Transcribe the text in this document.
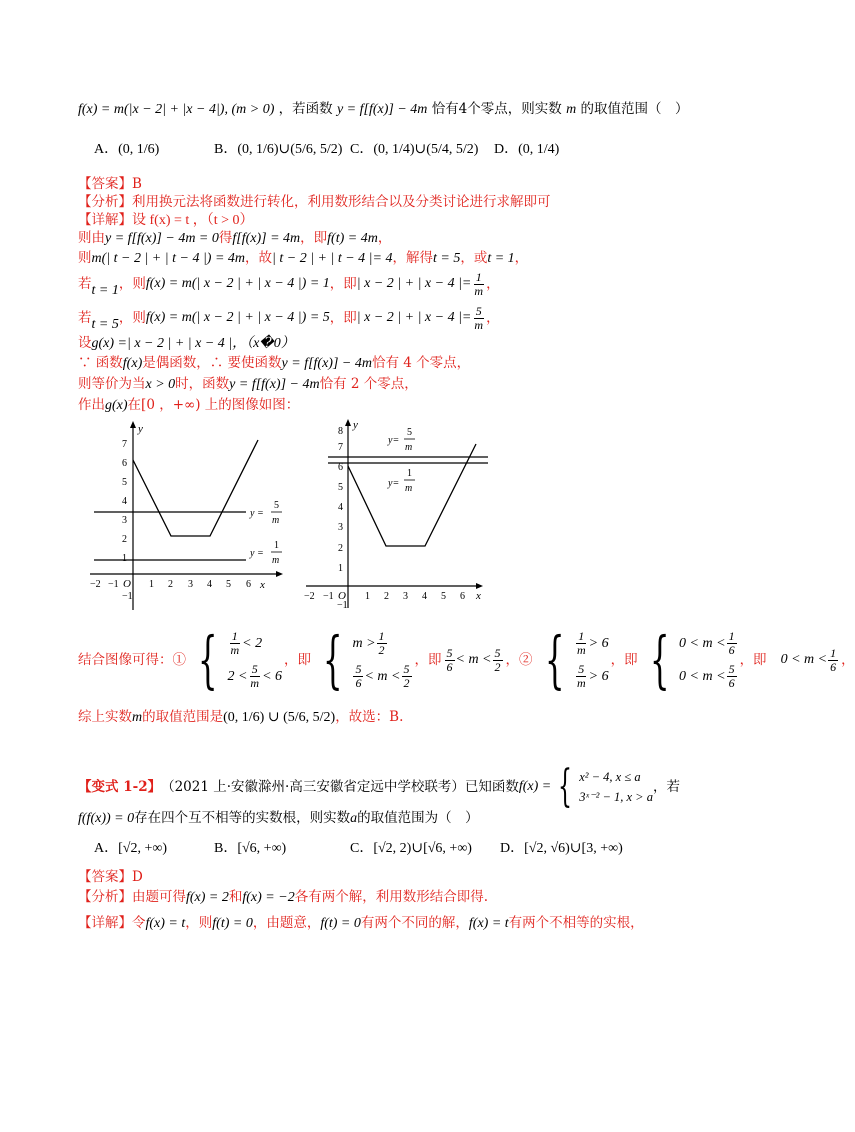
f(x) = m(|x − 2| + |x − 4|), (m > 0) ，若函数 y = f[f(x)] − 4m 恰有4个零点，则实数 m 的取值范围（　）
A．(0, 1/6)	B．(0, 1/6)∪(5/6, 5/2) C．(0, 1/4)∪(5/4, 5/2) D．(0, 1/4)
【答案】B
【分析】利用换元法将函数进行转化，利用数形结合以及分类讨论进行求解即可
【详解】设 f(x) = t ，（t > 0）
则由y = f[f(x)] − 4m = 0得f[f(x)] = 4m，即f(t) = 4m，
则m(| t − 2 | + | t − 4 |) = 4m，故| t − 2 | + | t − 4 |= 4，解得t = 5，或t = 1，
若 t = 1 ，则 f(x) = m(| x − 2 | + | x − 4 |) = 1 ，即 | x − 2 | + | x − 4 |= $\frac{1}{m}$ ，
若 t = 5 ，则 f(x) = m(| x − 2 | + | x − 4 |) = 5 ，即 | x − 2 | + | x − 4 |= $\frac{5}{m}$ ，
设g(x) =| x − 2 | + | x − 4 |，（x�0）
∵ 函数f(x)是偶函数，∴ 要使函数y = f[f(x)] − 4m恰有 4 个零点，
则等价为当x > 0时，函数y = f[f(x)] − 4m恰有 2 个零点，
作出g(x)在[0 ，+∞) 上的图像如图：
y
x
O
−1
1
2
3
4
5
6
7
−2 −1	1 2 3 4 5 6
y =
5
m
y =
1
m
y
x
O
−1
1
2
3
4
5
6
7
8
−2 −1	1 2 3 4 5 6
y=
5
m
y=
1
m
结合图像可得：① { $\frac{1}{m} < 2$
$2 < \frac{5}{m} < 6$
，即 { $m > \frac{1}{2}$
$\frac{5}{6} < m < \frac{5}{2}$
，即 $\frac{5}{6} < m < \frac{5}{2}$ ，② { $\frac{1}{m} > 6$
$\frac{5}{m} > 6$
，即 { $0 < m < \frac{1}{6}$
$0 < m < \frac{5}{6}$
，即 $0 < m < \frac{1}{6}$ ，
综上实数m的取值范围是(0, 1/6) ∪ (5/6, 5/2)，故选：B.
【变式 1-2】 （2021 上·安徽滁州·高三安徽省定远中学校联考）已知函数 f(x) = { x² − 4, x ≤ a
3ˣ⁻² − 1, x > a
，若
f(f(x)) = 0存在四个互不相等的实数根，则实数a的取值范围为（　）
A．[√2, +∞)	B．[√6, +∞)	C．[√2, 2)∪[√6, +∞) D．[√2, √6)∪[3, +∞)
【答案】D
【分析】由题可得f(x) = 2和f(x) = −2各有两个解，利用数形结合即得.
【详解】令f(x) = t，则f(t) = 0，由题意，f(t) = 0有两个不同的解，f(x) = t有两个不相等的实根，
